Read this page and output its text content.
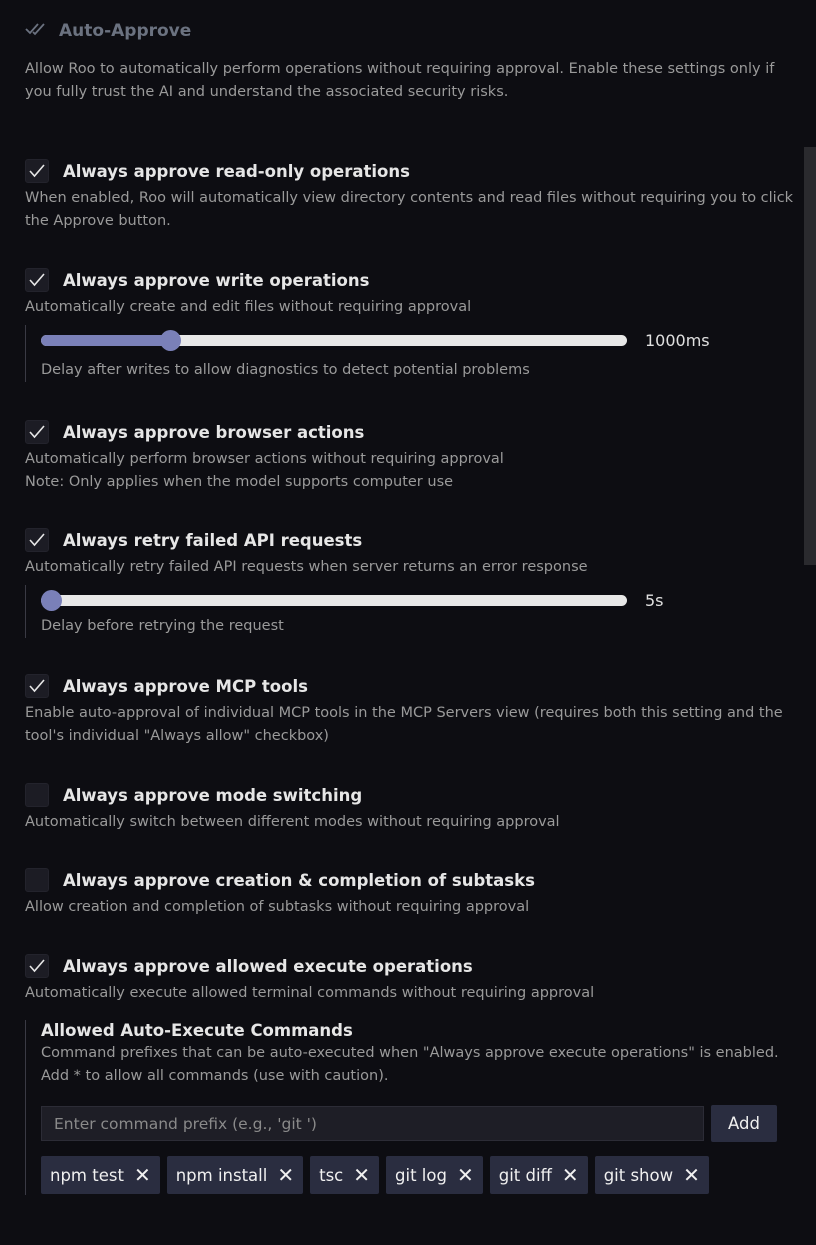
Auto-Approve
Allow Roo to automatically perform operations without requiring approval. Enable these settings only if you fully trust the AI and understand the associated security risks.
Always approve read-only operations
When enabled, Roo will automatically view directory contents and read files without requiring you to click the Approve button.
Always approve write operations
Automatically create and edit files without requiring approval
1000ms
Delay after writes to allow diagnostics to detect potential problems
Always approve browser actions
Automatically perform browser actions without requiring approval
Note: Only applies when the model supports computer use
Always retry failed API requests
Automatically retry failed API requests when server returns an error response
5s
Delay before retrying the request
Always approve MCP tools
Enable auto-approval of individual MCP tools in the MCP Servers view (requires both this setting and the tool's individual "Always allow" checkbox)
Always approve mode switching
Automatically switch between different modes without requiring approval
Always approve creation & completion of subtasks
Allow creation and completion of subtasks without requiring approval
Always approve allowed execute operations
Automatically execute allowed terminal commands without requiring approval
Allowed Auto-Execute Commands
Command prefixes that can be auto-executed when "Always approve execute operations" is enabled. Add * to allow all commands (use with caution).
Enter command prefix (e.g., 'git ')
Add
npm test ✕ npm install ✕ tsc ✕ git log ✕ git diff ✕ git show ✕
